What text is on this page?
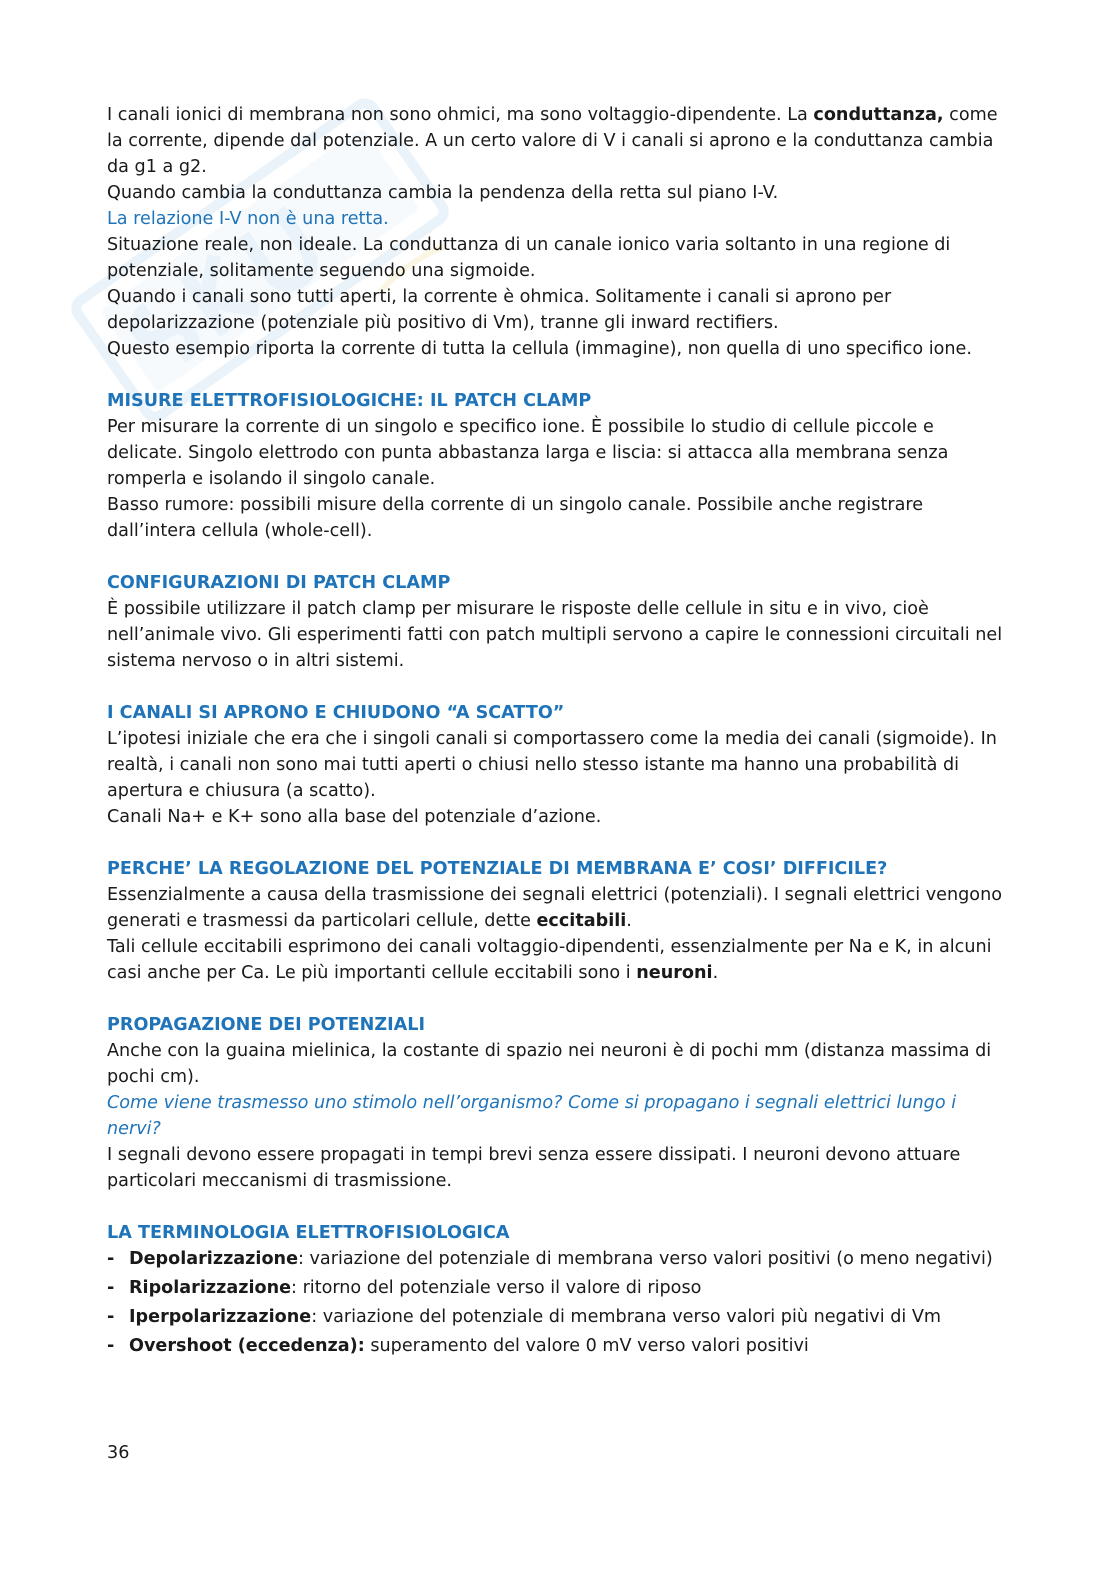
I canali ionici di membrana non sono ohmici, ma sono voltaggio-dipendente. La conduttanza, come la corrente, dipende dal potenziale. A un certo valore di V i canali si aprono e la conduttanza cambia da g1 a g2.

Quando cambia la conduttanza cambia la pendenza della retta sul piano I-V.

La relazione I-V non è una retta.

Situazione reale, non ideale. La conduttanza di un canale ionico varia soltanto in una regione di potenziale, solitamente seguendo una sigmoide.

Quando i canali sono tutti aperti, la corrente è ohmica. Solitamente i canali si aprono per depolarizzazione (potenziale più positivo di Vm), tranne gli inward rectifiers.

Questo esempio riporta la corrente di tutta la cellula (immagine), non quella di uno specifico ione.

MISURE ELETTROFISIOLOGICHE: IL PATCH CLAMP

Per misurare la corrente di un singolo e specifico ione. È possibile lo studio di cellule piccole e delicate. Singolo elettrodo con punta abbastanza larga e liscia: si attacca alla membrana senza romperla e isolando il singolo canale.

Basso rumore: possibili misure della corrente di un singolo canale. Possibile anche registrare dall’intera cellula (whole-cell).

CONFIGURAZIONI DI PATCH CLAMP

È possibile utilizzare il patch clamp per misurare le risposte delle cellule in situ e in vivo, cioè nell’animale vivo. Gli esperimenti fatti con patch multipli servono a capire le connessioni circuitali nel sistema nervoso o in altri sistemi.

I CANALI SI APRONO E CHIUDONO “A SCATTO”

L’ipotesi iniziale che era che i singoli canali si comportassero come la media dei canali (sigmoide). In realtà, i canali non sono mai tutti aperti o chiusi nello stesso istante ma hanno una probabilità di apertura e chiusura (a scatto).

Canali Na+ e K+ sono alla base del potenziale d’azione.

PERCHE’ LA REGOLAZIONE DEL POTENZIALE DI MEMBRANA E’ COSI’ DIFFICILE?

Essenzialmente a causa della trasmissione dei segnali elettrici (potenziali). I segnali elettrici vengono generati e trasmessi da particolari cellule, dette eccitabili.

Tali cellule eccitabili esprimono dei canali voltaggio-dipendenti, essenzialmente per Na e K, in alcuni casi anche per Ca. Le più importanti cellule eccitabili sono i neuroni.

PROPAGAZIONE DEI POTENZIALI

Anche con la guaina mielinica, la costante di spazio nei neuroni è di pochi mm (distanza massima di pochi cm).

Come viene trasmesso uno stimolo nell’organismo? Come si propagano i segnali elettrici lungo i nervi?

I segnali devono essere propagati in tempi brevi senza essere dissipati. I neuroni devono attuare particolari meccanismi di trasmissione.

LA TERMINOLOGIA ELETTROFISIOLOGICA
- Depolarizzazione: variazione del potenziale di membrana verso valori positivi (o meno negativi)
- Ripolarizzazione: ritorno del potenziale verso il valore di riposo
- Iperpolarizzazione: variazione del potenziale di membrana verso valori più negativi di Vm
- Overshoot (eccedenza): superamento del valore 0 mV verso valori positivi
36
